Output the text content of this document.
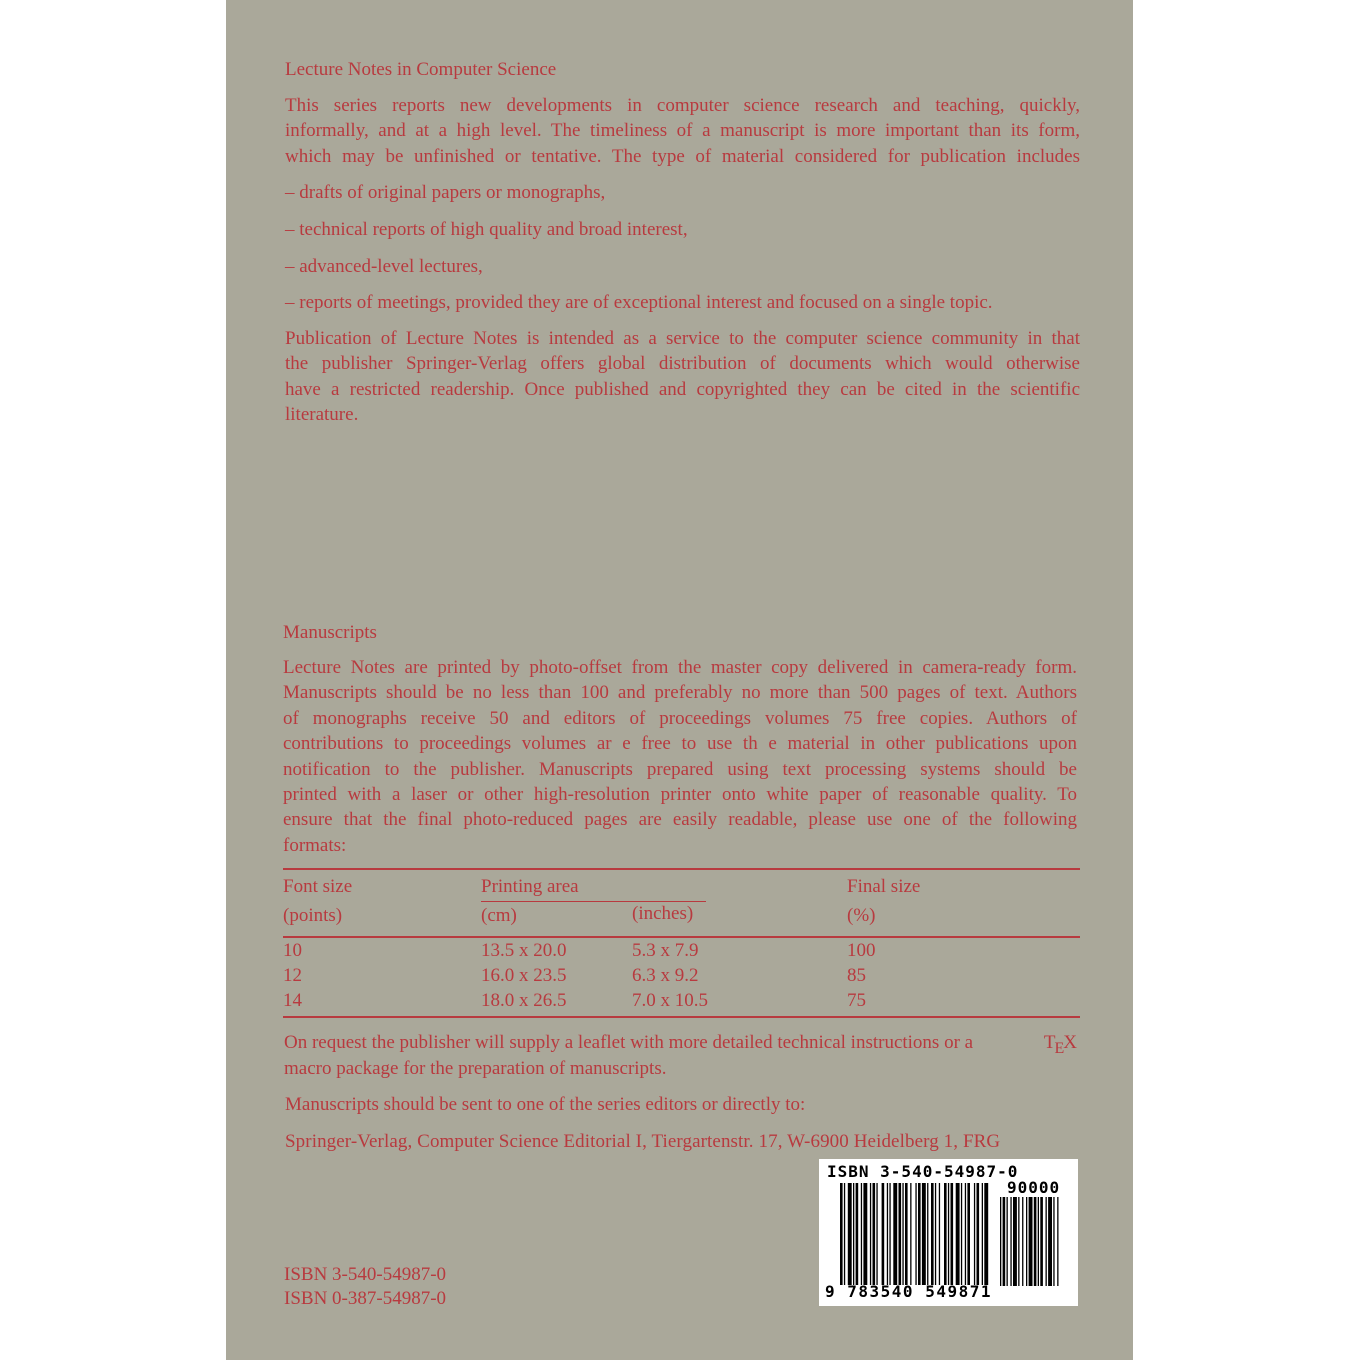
Lecture Notes in Computer Science

This series reports new developments in computer science research and teaching, quickly,

informally, and at a high level. The timeliness of a manuscript is more important than its form,

which may be unfinished or tentative. The type of material considered for publication includes

– drafts of original papers or monographs,
– technical reports of high quality and broad interest,
– advanced-level lectures,
– reports of meetings, provided they are of exceptional interest and focused on a single topic.

Publication of Lecture Notes is intended as a service to the computer science community in that

the publisher Springer-Verlag offers global distribution of documents which would otherwise

have a restricted readership. Once published and copyrighted they can be cited in the scientific

literature.

Manuscripts

Lecture Notes are printed by photo-offset from the master copy delivered in camera-ready form.

Manuscripts should be no less than 100 and preferably no more than 500 pages of text. Authors

of monographs receive 50 and editors of proceedings volumes 75 free copies. Authors of

contributions to proceedings volumes ar e free to use th e material in other publications upon

notification to the publisher. Manuscripts prepared using text processing systems should be

printed with a laser or other high-resolution printer onto white paper of reasonable quality. To

ensure that the final photo-reduced pages are easily readable, please use one of the following

formats:

Font size	Printing area	Final size
(points)	(cm)	(inches)	(%)
10	13.5 x 20.0	5.3 x 7.9	100
12	16.0 x 23.5	6.3 x 9.2	85
14	18.0 x 26.5	7.0 x 10.5	75

On request the publisher will supply a leaflet with more detailed technical instructions or a	$T_EX$

macro package for the preparation of manuscripts.

Manuscripts should be sent to one of the series editors or directly to:
Springer-Verlag, Computer Science Editorial I, Tiergartenstr. 17, W-6900 Heidelberg 1, FRG
ISBN 3-540-54987-0
ISBN 0-387-54987-0
ISBN 3-540-54987-0
90000
9 783540 549871
